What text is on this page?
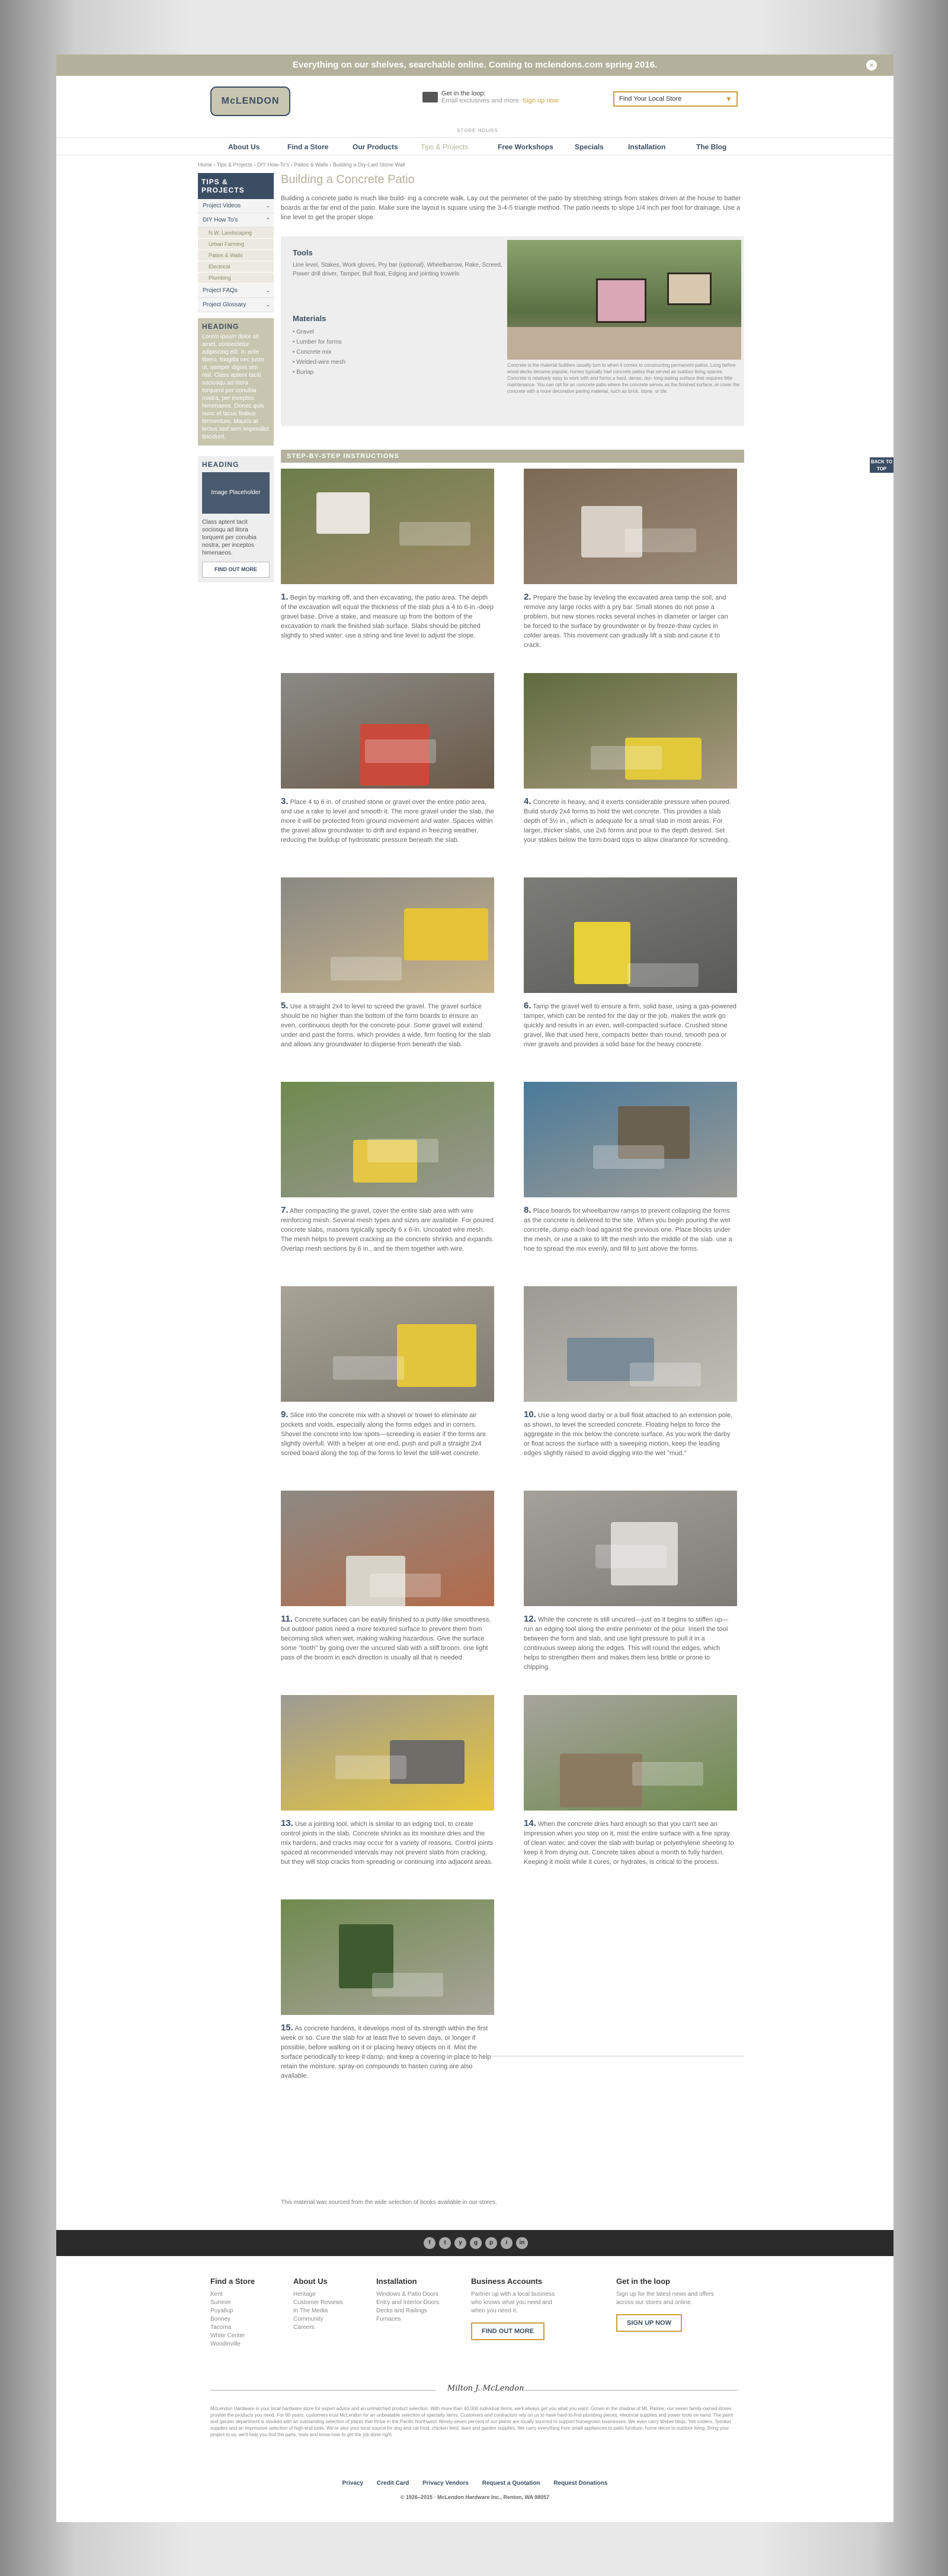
Everything on our shelves, searchable online. Coming to mclendons.com spring 2016.	×
McLENDON
Get in the loop:
Email exclusives and more. Sign up now	Find Your Local Store	▼
STORE HOURS
About Us	Find a Store	Our Products	Tips & Projects	Free Workshops	Specials	Installation	The Blog
Home › Tips & Projects › DIY How-To's › Patios & Walls › Building a Dry-Laid Stone Wall
TIPS & PROJECTS
Project Videos	⌄
DIY How To's	⌃
N.W. Landscaping
Urban Farming
Patios & Walls
Electrical
Plumbing
Project FAQs	⌄
Project Glossary	⌄
HEADING
Lorem ipsum dolor sit amet, consectetur adipiscing elit. In ante libero, fringilla nec justo ut, semper dignis sim nisl. Class aptent taciti sociosqu ad litora torquent per conubia nostra, per inceptos himenaeos. Donec quis nunc et lacus finibus fermentum. Mauris at lectus sed sem impendiet tincidunt.
HEADING
Image Placeholder
Class aptent tacit sociosqu ad litora torquent per conubia nostra, per inceptos himenaeos.
FIND OUT MORE
Building a Concrete Patio

Building a concrete patio is much like build- ing a concrete walk. Lay out the perimeter of the patio by stretching strings from stakes driven at the house to batter boards at the far end of the patio. Make sure the layout is square using the 3-4-5 triangle method. The patio needs to slope 1/4 inch per foot for drainage. Use a line level to get the proper slope.

Tools
Line level, Stakes, Work gloves, Pry bar (optional), Wheelbarrow, Rake, Screed, Power drill driver, Tamper, Bull float, Edging and jointing trowels
Materials
• Gravel
• Lumber for forms
• Concrete mix
• Welded-wire mesh
• Burlap
Concrete is the material builders usually turn to when it comes to constructing permanent patios. Long before wood decks became popular, homes typically had concrete patios that served as outdoor living spaces. Concrete is relatively easy to work with and forms a hard, dense, dur- long-lasting surface that requires little maintenance. You can opt for an concrete patio where the concrete serves as the finished surface, or cover the concrete with a more decorative paving material, such as brick, stone, or tile.
STEP-BY-STEP INSTRUCTIONS

1. Begin by marking off, and then excavating, the patio area. The depth of the excavation will equal the thickness of the slab plus a 4 to 6-in.-deep gravel base. Drive a stake, and measure up from the bottom of the excavation to mark the finished slab surface. Slabs should be pitched slightly to shed water: use a string and line level to adjust the slope.

2. Prepare the base by leveling the excavated area tamp the soil, and remove any large rocks with a pry bar. Small stones do not pose a problem, but new stones rocks several inches in diameter or larger can be forced to the surface by groundwater or by freeze-thaw cycles in colder areas. This movement can gradually lift a slab and cause it to crack.

3. Place 4 to 6 in. of crushed stone or gravel over the entire patio area, and use a rake to level and smooth it. The more gravel under the slab, the more it will be protected from ground movement and water. Spaces within the gravel allow groundwater to drift and expand in freezing weather, reducing the buildup of hydrostatic pressure beneath the slab.

4. Concrete is heavy, and it exerts considerable pressure when poured. Build sturdy 2x4 forms to hold the wet concrete. This provides a slab depth of 3½ in., which is adequate for a small slab in most areas. For larger, thicker slabs, use 2x6 forms and pour to the depth desired. Set your stakes below the form board tops to allow clearance for screeding.

5. Use a straight 2x4 to level to screed the gravel. The gravel surface should be no higher than the bottom of the form boards to ensure an even, continuous depth for the concrete pour. Some gravel will extend under and past the forms, which provides a wide, firm footing for the slab and allows any groundwater to disperse from beneath the slab.

6. Tamp the gravel well to ensure a firm, solid base, using a gas-powered tamper, which can be rented for the day or the job, makes the work go quickly and results in an even, well-compacted surface. Crushed stone gravel, like that used here, compacts better than round, smooth pea or river gravels and provides a solid base for the heavy concrete.

7. After compacting the gravel, cover the entire slab area with wire reinforcing mesh. Several mesh types and sizes are available. For poured concrete slabs, masons typically specify 6 x 6-in. Uncoated wire mesh. The mesh helps to prevent cracking as the concrete shrinks and expands. Overlap mesh sections by 6 in., and tie them together with wire.

8. Place boards for wheelbarrow ramps to prevent collapsing the forms as the concrete is delivered to the site. When you begin pouring the wet concrete, dump each load against the previous one. Place blocks under the mesh, or use a rake to lift the mesh into the middle of the slab. use a hoe to spread the mix evenly, and fill to just above the forms.

9. Slice into the concrete mix with a shovel or trowel to eliminate air pockets and voids, especially along the forms edges and in corners. Shovel the concrete into low spots—screeding is easier if the forms are slightly overfull. With a helper at one end, push and pull a straight 2x4 screed board along the top of the forms to level the still-wet concrete.

10. Use a long wood darby or a bull float attached to an extension pole, as shown, to level the screeded concrete. Floating helps to force the aggregate in the mix below the concrete surface. As you work the darby or float across the surface with a sweeping motion, keep the leading edges slightly raised to avoid digging into the wet "mud."

11. Concrete surfaces can be easily finished to a putty-like smoothness, but outdoor patios need a more textured surface to prevent them from becoming slick when wet, making walking hazardous. Give the surface some "tooth" by going over the uncured slab with a stiff broom. one light pass of the broom in each direction is usually all that is needed.

12. While the concrete is still uncured—just as it begins to stiffen up—run an edging tool along the entire perimeter of the pour. Insert the tool between the form and slab, and use light pressure to pull it in a continuous sweep along the edges. This will round the edges, which helps to strengthen them and makes them less brittle or prone to chipping.

13. Use a jointing tool, which is similar to an edging tool, to create control joints in the slab. Concrete shrinks as its moisture dries and the mix hardens, and cracks may occur for a variety of reasons. Control joints spaced at recommended intervals may not prevent slabs from cracking, but they will stop cracks from spreading or continuing into adjacent areas.

14. When the concrete dries hard enough so that you can't see an impression when you step on it, mist the entire surface with a fine spray of clean water, and cover the slab with burlap or polyethylene sheeting to keep it from drying out. Concrete takes about a month to fully harden. Keeping it moist while it cures, or hydrates, is critical to the process.

15. As concrete hardens, it develops most of its strength within the first week or so. Cure the slab for at least five to seven days, or longer if possible, before walking on it or placing heavy objects on it. Mist the surface periodically to keep it damp, and keep a covering in place to help retain the moisture. spray-on compounds to hasten curing are also available.

This material was sourced from the wide selection of books available in our stores.
f	t	y	g	p	i	in
Find a Store
Kent
Sumner
Puyallup
Bonney
Tacoma
White Center
Woodinville
About Us
Heritage
Customer Reviews
In The Media
Community
Careers
Installation
Windows & Patio Doors
Entry and Interior Doors
Decks and Railings
Furnaces
Business Accounts
Partner up with a local business who knows what you need and when you need it.
FIND OUT MORE
Get in the loop
Sign up for the latest news and offers across our stores and online.
SIGN UP NOW
Milton J. McLendon
McLendon Hardware is your local hardware store for expert advice and an unmatched product selection. With more than 40,000 individual items, we'll always get you what you want. Grown in the shadow of Mt. Rainier, our seven family-owned stores provide the products you need. For 90 years, customers trust McLendon for an unbeatable selection of specialty items. Customers and contractors rely on us to have hard-to-find plumbing pieces, electrical supplies and power tools on hand. The paint and garden department is stocked with an outstanding selection of plants that thrive in the Pacific Northwest. Ninety-seven percent of our plants are locally sourced to support homegrown businesses. We even carry Weber bbqs, Yeti coolers, Smoker supplies and an impressive selection of high-end tools. We're also your local source for dog and cat food, chicken feed, lawn and garden supplies. We carry everything from small appliances to patio furniture, home décor to outdoor living. Bring your project to us; we'll help you find the parts, tools and know-how to get the job done right.
Privacy Credit Card Privacy Vendors Request a Quotation Request Donations
© 1926–2015 · McLendon Hardware Inc., Renton, WA 98057
BACK TO TOP
